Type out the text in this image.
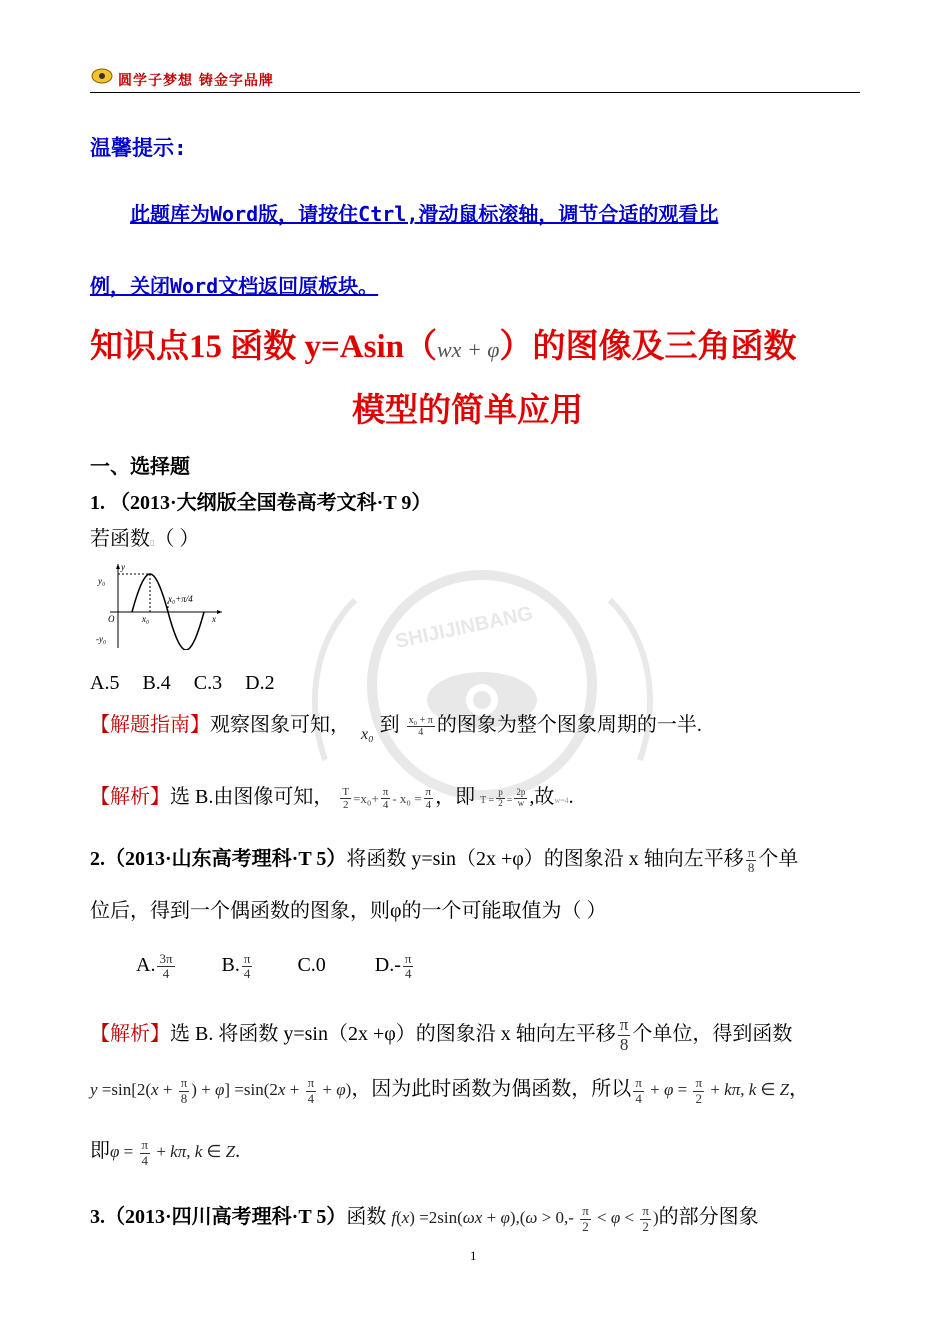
圆学子梦想 铸金字品牌
温馨提示:
此题库为Word版，请按住Ctrl,滑动鼠标滚轴，调节合适的观看比
例，关闭Word文档返回原板块。
知识点15 函数 y=Asin（wx + φ）的图像及三角函数
模型的简单应用
一、选择题
1. （2013·大纲版全国卷高考文科·T 9）
若函数▯（ ）
y₀
-y₀
x₀
x₀+π/4
x
y
O	SHIJIJINBANG
A.5 B.4 C.3 D.2
【解题指南】观察图象可知， $_{x_0}$ 到 $\frac{\text{x₀ + π}}{4}$ 的图象为整个图象周期的一半.
【解析】选 B.由图像可知， $\frac{T}{2} =x_0+ \frac{\pi}{4} - x_0 = \frac{\pi}{4}$ ，即 $T = \frac{p}{2} = \frac{2p}{w}$ ,故w=4.
2.（2013·山东高考理科·T 5）将函数 y=sin（2x +φ）的图象沿 x 轴向左平移 $\frac{\pi}{8}$ 个单
位后，得到一个偶函数的图象，则φ的一个可能取值为（ ）
A. $\frac{3\pi}{4} B$. $\frac{\pi}{4} C.0$ $D.- \frac{\pi}{4}$
【解析】选 B. 将函数 y=sin（2x +φ）的图象沿 x 轴向左平移 $\frac{\pi}{8}$ 个单位，得到函数
$y =\sin[2(x + \frac{\pi}{8}$ ) + $\varphi] =\sin(2x + \frac{\pi}{4} + \varphi)$，因为此时函数为偶函数，所以 $\frac{\pi}{4} + \varphi = \frac{\pi}{2} + k\pi$, k ∈ Z，
即$\varphi = \frac{\pi}{4} + k\pi$, k ∈ Z.
3.（2013·四川高考理科·T 5）函数 $f(x) =2\sin(\omega x + \varphi),(\omega > 0,- \frac{\pi}{2} < \varphi < \frac{\pi}{2}$ )的部分图象
1
